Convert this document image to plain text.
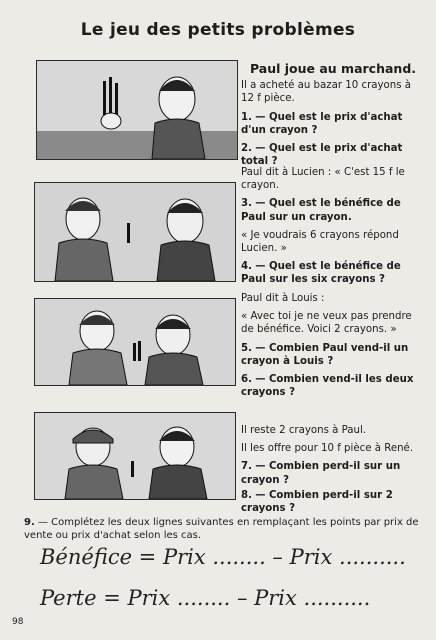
Le jeu des petits problèmes
Paul joue au marchand.

Il a acheté au bazar 10 crayons à 12 f pièce.

1. — Quel est le prix d'achat d'un crayon ?

2. — Quel est le prix d'achat total ?

Paul dit à Lucien : « C'est 15 f le crayon.

3. — Quel est le bénéfice de Paul sur un crayon.

« Je voudrais 6 crayons répond Lucien. »

4. — Quel est le bénéfice de Paul sur les six crayons ?

Paul dit à Louis :

« Avec toi je ne veux pas prendre de bénéfice. Voici 2 crayons. »

5. — Combien Paul vend-il un crayon à Louis ?

6. — Combien vend-il les deux crayons ?

Il reste 2 crayons à Paul.

Il les offre pour 10 f pièce à René.

7. — Combien perd-il sur un crayon ?

8. — Combien perd-il sur 2 crayons ?

9. — Complétez les deux lignes suivantes en remplaçant les points par prix de vente ou prix d'achat selon les cas.
Bénéfice = Prix ........ – Prix ..........
Perte = Prix ........ – Prix ..........
98
